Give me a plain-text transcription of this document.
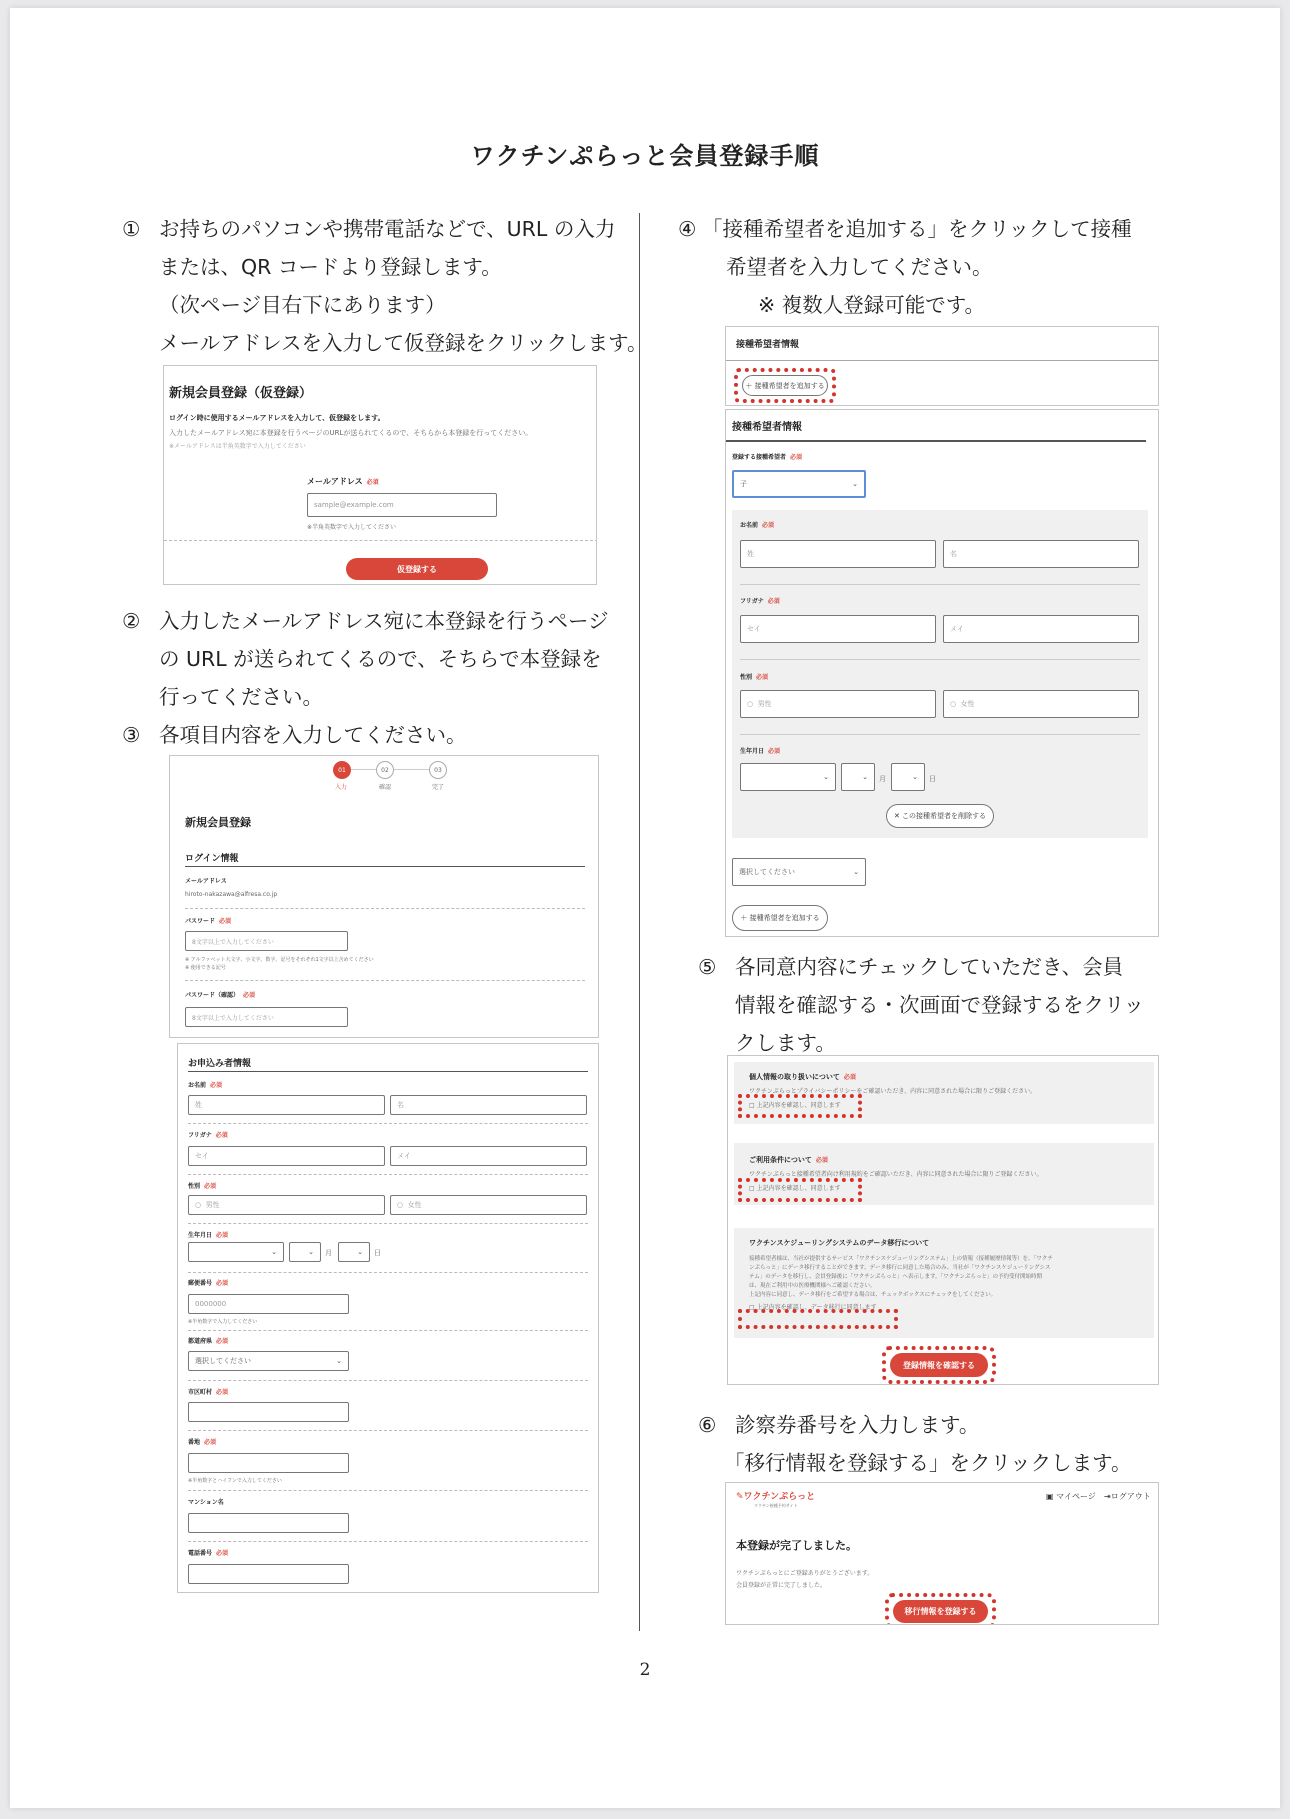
ワクチンぷらっと会員登録手順
① お持ちのパソコンや携帯電話などで、URL の入力
または、QR コードより登録します。
（次ページ目右下にあります）
メールアドレスを入力して仮登録をクリックします。
新規会員登録（仮登録）
ログイン時に使用するメールアドレスを入力して、仮登録をします。
入力したメールアドレス宛に本登録を行うページのURLが送られてくるので、そちらから本登録を行ってください。
※メールアドレスは半角英数字で入力してください
メールアドレス 必須
sample@example.com
※半角英数字で入力してください
仮登録する
② 入力したメールアドレス宛に本登録を行うページ
の URL が送られてくるので、そちらで本登録を
行ってください。
③ 各項目内容を入力してください。
01	02	03
入力	確認	完了
新規会員登録
ログイン情報
メールアドレス
hiroto-nakazawa@alfresa.co.jp
パスワード 必須
8文字以上で入力してください
※ アルファベット大文字、小文字、数字、記号をそれぞれ1文字以上含めてください
※ 使用できる記号
パスワード（確認） 必須
8文字以上で入力してください
お申込み者情報
お名前 必須
姓	名
フリガナ 必須
セイ	メイ
性別 必須
○ 男性	○ 女性
生年月日 必須
⌄	⌄ 月	⌄ 日
郵便番号 必須
0000000
※半角数字で入力してください
都道府県 必須
選択してください	⌄
市区町村 必須
番地 必須
※半角数字とハイフンで入力してください
マンション名
電話番号 必須
④ 「接種希望者を追加する」をクリックして接種
希望者を入力してください。
※ 複数人登録可能です。
接種希望者情報
＋ 接種希望者を追加する
接種希望者情報
登録する接種希望者 必須
子	⌄
お名前 必須
姓	名
フリガナ 必須
セイ	メイ
性別 必須
○ 男性	○ 女性
生年月日 必須
⌄	⌄ 月	⌄ 日
✕
この接種希望者を削除する
選択してください	⌄
＋ 接種希望者を追加する
⑤ 各同意内容にチェックしていただき、会員
情報を確認する・次画面で登録するをクリッ
クします。
個人情報の取り扱いについて 必須
ワクチンぷらっとプライバシーポリシーをご確認いただき、内容に同意された場合に限りご登録ください。
□ 上記内容を確認し、同意します
ご利用条件について 必須
ワクチンぷらっと接種希望者向け利用規約をご確認いただき、内容に同意された場合に限りご登録ください。
□ 上記内容を確認し、同意します
ワクチンスケジューリングシステムのデータ移行について
接種希望者様は、当社が提供するサービス「ワクチンスケジューリングシステム」上の情報（接種履歴情報等）を、「ワクチ
ンぷらっと」にデータ移行することができます。データ移行に同意した場合のみ、当社が「ワクチンスケジューリングシス
テム」のデータを移行し、会員登録後に「ワクチンぷらっと」へ表示します。「ワクチンぷらっと」の予約受付開始時期
は、現在ご利用中の医療機関様へご確認ください。
上記内容に同意し、データ移行をご希望する場合は、チェックボックスにチェックをしてください。
□ 上記内容を確認し、データ移行に同意します
登録情報を確認する
⑥ 診察券番号を入力します。
「移行情報を登録する」をクリックします。
✎ワクチンぷらっと
ワクチン接種予約サイト
▣ マイページ ⇥ログアウト
本登録が完了しました。
ワクチンぷらっとにご登録ありがとうございます。
会員登録が正常に完了しました。
移行情報を登録する
2
